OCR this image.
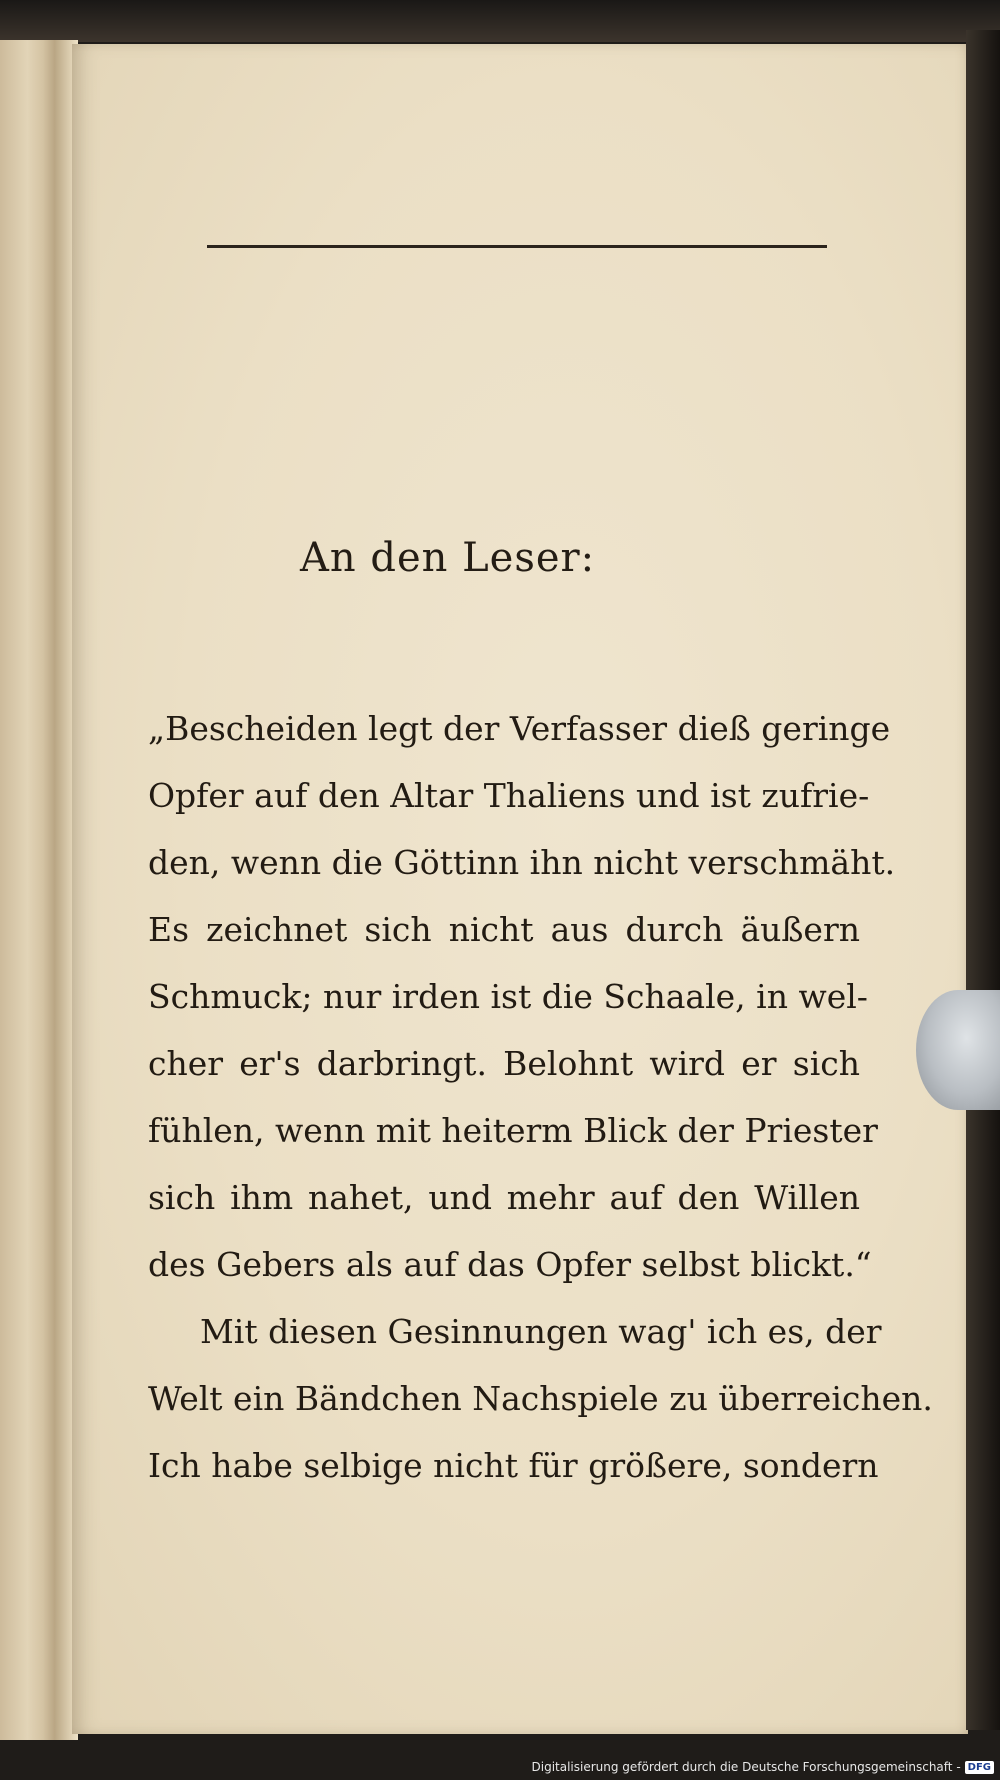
An den Leser:
„Bescheiden legt der Verfasser dieß geringe
Opfer auf den Altar Thaliens und ist zufrie-
den, wenn die Göttinn ihn nicht verschmäht.
Es zeichnet sich nicht aus durch äußern
Schmuck; nur irden ist die Schaale, in wel-
cher er's darbringt. Belohnt wird er sich
fühlen, wenn mit heiterm Blick der Priester
sich ihm nahet, und mehr auf den Willen
des Gebers als auf das Opfer selbst blickt.“
Mit diesen Gesinnungen wag' ich es, der
Welt ein Bändchen Nachspiele zu überreichen.
Ich habe selbige nicht für größere, sondern
Digitalisierung gefördert durch die Deutsche Forschungsgemeinschaft - DFG
